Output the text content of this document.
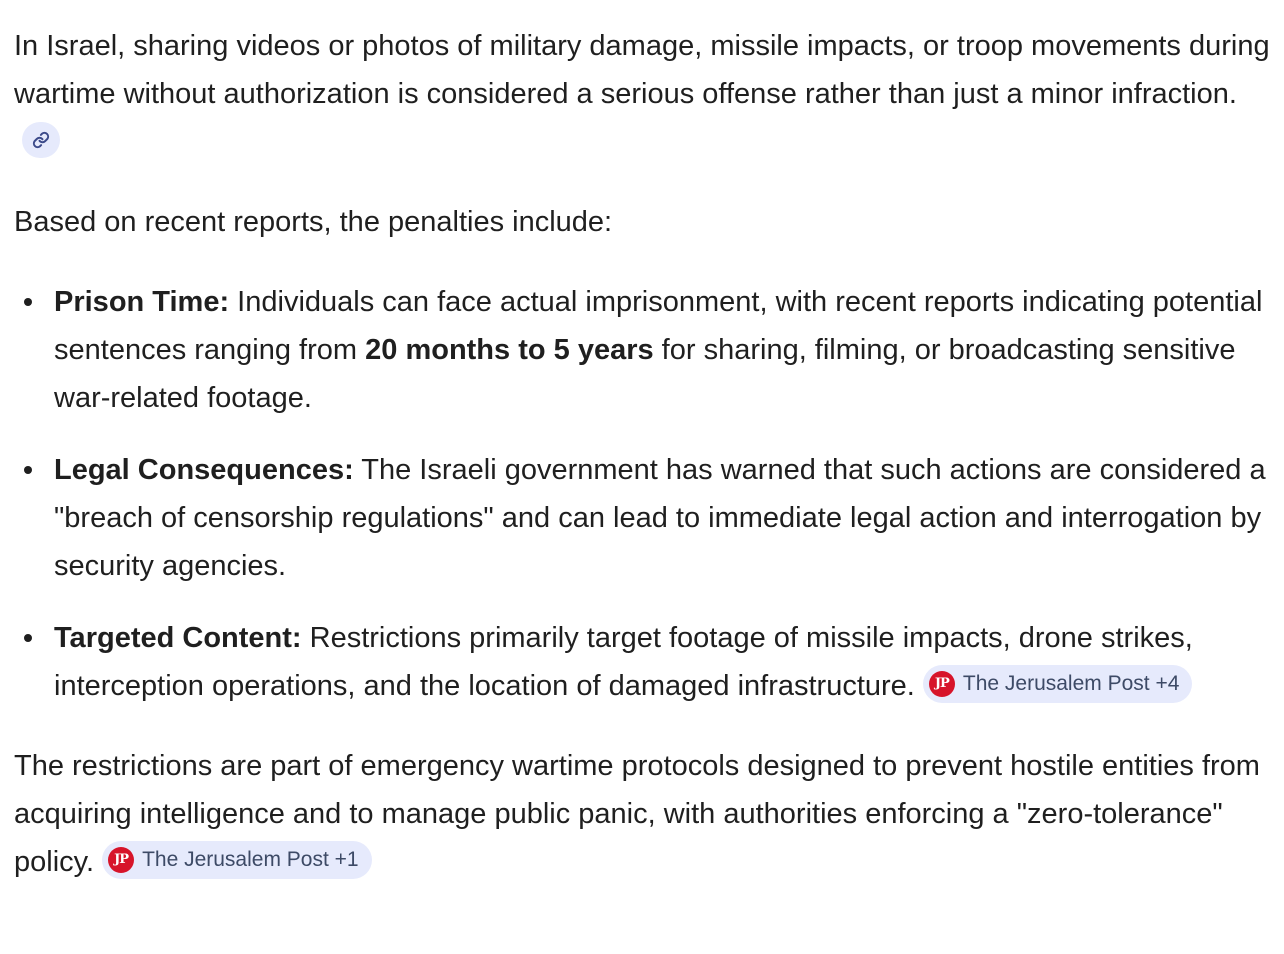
In Israel, sharing videos or photos of military damage, missile impacts, or troop movements during wartime without authorization is considered a serious offense rather than just a minor infraction.

Based on recent reports, the penalties include:

Prison Time: Individuals can face actual imprisonment, with recent reports indicating potential sentences ranging from 20 months to 5 years for sharing, filming, or broadcasting sensitive war-related footage.
Legal Consequences: The Israeli government has warned that such actions are considered a "breach of censorship regulations" and can lead to immediate legal action and interrogation by security agencies.
Targeted Content: Restrictions primarily target footage of missile impacts, drone strikes, interception operations, and the location of damaged infrastructure.	JP The Jerusalem Post +4

The restrictions are part of emergency wartime protocols designed to prevent hostile entities from acquiring intelligence and to manage public panic, with authorities enforcing a "zero-tolerance" policy.	JP The Jerusalem Post +1
